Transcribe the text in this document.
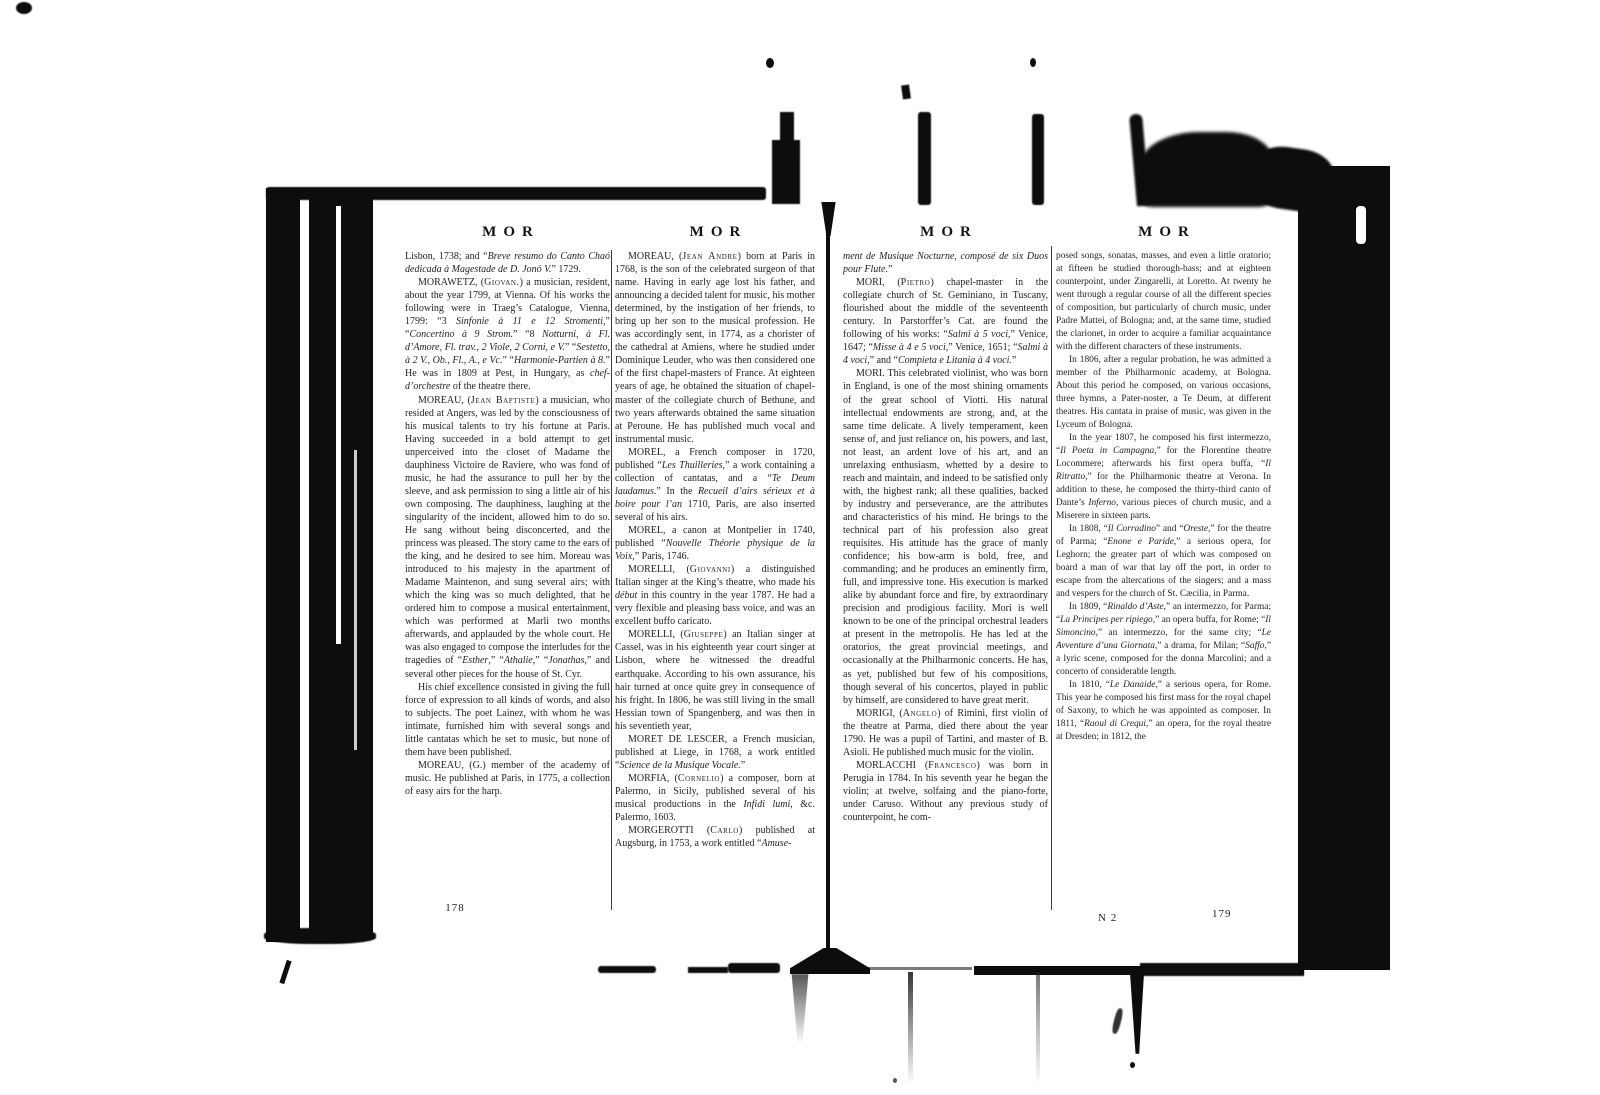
MOR

Lisbon, 1738; and “Breve resumo do Canto Chaó dedicada à Magestade de D. Jonó V.” 1729.

MORAWETZ, (Giovan.) a musician, resident, about the year 1799, at Vienna. Of his works the following were in Traeg’s Catalogue, Vienna, 1799: “3 Sinfonie à 11 e 12 Stromenti,” “Concertino à 9 Strom.” “8 Notturni, à Fl. d’Amore, Fl. trav., 2 Viole, 2 Corni, e V.” “Sestetto, à 2 V., Ob., Fl., A., e Vc.” “Harmonie-Partien à 8.” He was in 1809 at Pest, in Hungary, as chef-d’orchestre of the theatre there.

MOREAU, (Jean Baptiste) a musician, who resided at Angers, was led by the consciousness of his musical talents to try his fortune at Paris. Having succeeded in a bold attempt to get unperceived into the closet of Madame the dauphiness Victoire de Raviere, who was fond of music, he had the assurance to pull her by the sleeve, and ask permission to sing a little air of his own composing. The dauphiness, laughing at the singularity of the incident, allowed him to do so. He sang without being disconcerted, and the princess was pleased. The story came to the ears of the king, and he desired to see him. Moreau was introduced to his majesty in the apartment of Madame Maintenon, and sung several airs; with which the king was so much delighted, that he ordered him to compose a musical entertainment, which was performed at Marli two months afterwards, and applauded by the whole court. He was also engaged to compose the interludes for the tragedies of “Esther,” “Athalie,” “Jonathas,” and several other pieces for the house of St. Cyr.

His chief excellence consisted in giving the full force of expression to all kinds of words, and also to subjects. The poet Lainez, with whom he was intimate, furnished him with several songs and little cantatas which he set to music, but none of them have been published.

MOREAU, (G.) member of the academy of music. He published at Paris, in 1775, a collection of easy airs for the harp.

MOR

MOREAU, (Jean Andre) born at Paris in 1768, is the son of the celebrated surgeon of that name. Having in early age lost his father, and announcing a decided talent for music, his mother determined, by the instigation of her friends, to bring up her son to the musical profession. He was accordingly sent, in 1774, as a chorister of the cathedral at Amiens, where he studied under Dominique Leuder, who was then considered one of the first chapel-masters of France. At eighteen years of age, he obtained the situation of chapel-master of the collegiate church of Bethune, and two years afterwards obtained the same situation at Peroune. He has published much vocal and instrumental music.

MOREL, a French composer in 1720, published “Les Thuilleries,” a work containing a collection of cantatas, and a “Te Deum laudamus.” In the Recueil d’airs sérieux et à boire pour l’an 1710, Paris, are also inserted several of his airs.

MOREL, a canon at Montpelier in 1740, published “Nouvelle Théorie physique de la Voix,” Paris, 1746.

MORELLI, (Giovanni) a distinguished Italian singer at the King’s theatre, who made his début in this country in the year 1787. He had a very flexible and pleasing bass voice, and was an excellent buffo caricato.

MORELLI, (Giuseppe) an Italian singer at Cassel, was in his eighteenth year court singer at Lisbon, where he witnessed the dreadful earthquake. According to his own assurance, his hair turned at once quite grey in consequence of his fright. In 1806, he was still living in the small Hessian town of Spangenberg, and was then in his seventieth year,

MORET DE LESCER, a French musician, published at Liege, in 1768, a work entitled “Science de la Musique Vocale.”

MORFIA, (Cornelio) a composer, born at Palermo, in Sicily, published several of his musical productions in the Infidi lumi, &c. Palermo, 1603.

MORGEROTTI (Carlo) published at Augsburg, in 1753, a work entitled “Amuse-

MOR

ment de Musique Nocturne, composé de six Duos pour Flute.”

MORI, (Pietro) chapel-master in the collegiate church of St. Geminiano, in Tuscany, flourished about the middle of the seventeenth century. In Parstorffer’s Cat. are found the following of his works: “Salmi à 5 voci,” Venice, 1647; “Misse à 4 e 5 voci,” Venice, 1651; “Salmi à 4 voci,” and “Compieta e Litania à 4 voci.”

MORI. This celebrated violinist, who was born in England, is one of the most shining ornaments of the great school of Viotti. His natural intellectual endowments are strong, and, at the same time delicate. A lively temperament, keen sense of, and just reliance on, his powers, and last, not least, an ardent love of his art, and an unrelaxing enthusiasm, whetted by a desire to reach and maintain, and indeed to be satisfied only with, the highest rank; all these qualities, backed by industry and perseverance, are the attributes and characteristics of his mind. He brings to the technical part of his profession also great requisites. His attitude has the grace of manly confidence; his bow-arm is bold, free, and commanding; and he produces an eminently firm, full, and impressive tone. His execution is marked alike by abundant force and fire, by extraordinary precision and prodigious facility. Mori is well known to be one of the principal orchestral leaders at present in the metropolis. He has led at the oratorios, the great provincial meetings, and occasionally at the Philharmonic concerts. He has, as yet, published but few of his compositions, though several of his concertos, played in public by himself, are considered to have great merit.

MORIGI, (Angelo) of Rimini, first violin of the theatre at Parma, died there about the year 1790. He was a pupil of Tartini, and master of B. Asioli. He published much music for the violin.

MORLACCHI (Francesco) was born in Perugia in 1784. In his seventh year he began the violin; at twelve, solfaing and the piano-forte, under Caruso. Without any previous study of counterpoint, he com-

MOR

posed songs, sonatas, masses, and even a little oratorio; at fifteen he studied thorough-bass; and at eighteen counterpoint, under Zingarelli, at Loretto. At twenty he went through a regular course of all the different species of composition, but particularly of church music, under Padre Mattei, of Bologna; and, at the same time, studied the clarionet, in order to acquire a familiar acquaintance with the different characters of these instruments.

In 1806, after a regular probation, he was admitted a member of the Philharmonic academy, at Bologna. About this period he composed, on various occasions, three hymns, a Pater-noster, a Te Deum, at different theatres. His cantata in praise of music, was given in the Lyceum of Bologna.

In the year 1807, he composed his first intermezzo, “Il Poeta in Campagna,” for the Florentine theatre Locommere; afterwards his first opera buffa, “Il Ritratto,” for the Philharmonic theatre at Verona. In addition to these, he composed the thirty-third canto of Dante’s Inferno, various pieces of church music, and a Miserere in sixteen parts.

In 1808, “Il Corradino” and “Oreste,” for the theatre of Parma; “Enone e Paride,” a serious opera, for Leghorn; the greater part of which was composed on board a man of war that lay off the port, in order to escape from the altercations of the singers; and a mass and vespers for the church of St. Cæcilia, in Parma.

In 1809, “Rinaldo d’Aste,” an intermezzo, for Parma; “La Principes per ripiego,” an opera buffa, for Rome; “Il Simoncino,” an intermezzo, for the same city; “Le Avventure d’una Giornata,” a drama, for Milan; “Saffo,” a lyric scene, composed for the donna Marcolini; and a concerto of considerable length.

In 1810, “Le Danaide,” a serious opera, for Rome. This year he composed his first mass for the royal chapel of Saxony, to which he was appointed as composer. In 1811, “Raoul di Crequi,” an opera, for the royal theatre at Dresden; in 1812, the

178
N 2	179
